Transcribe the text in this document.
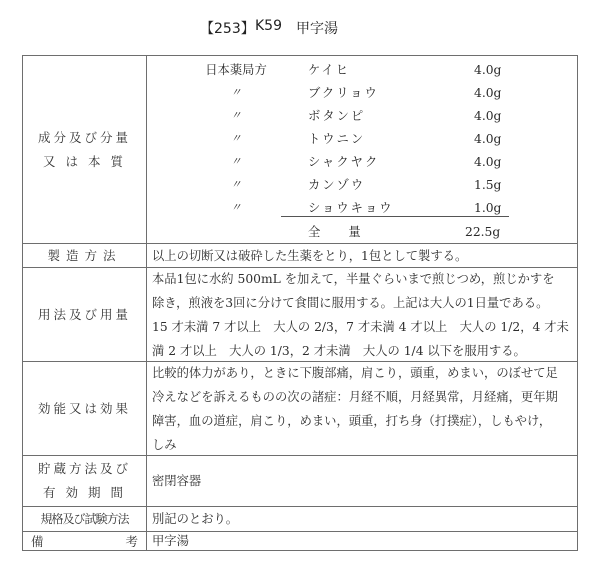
【253】 K59 甲字湯
成分及び分量
又 は 本 質
日本薬局方	ケイヒ	4.0g
〃	ブクリョウ	4.0g
〃	ボタンピ	4.0g
〃	トウニン	4.0g
〃	シャクヤク	4.0g
〃	カンゾウ	1.5g
〃	ショウキョウ	1.0g
全 量	22.5g
製造方法 以上の切断又は破砕した生薬をとり，1包として製する。

用法及び用量

本品1包に水約 500mL を加えて，半量ぐらいまで煎じつめ，煎じかすを

除き，煎液を3回に分けて食間に服用する。上記は大人の1日量である。

15 才未満 7 才以上　大人の 2/3，7 才未満 4 才以上　大人の 1/2，4 才未

満 2 才以上　大人の 1/3，2 才未満　大人の 1/4 以下を服用する。

効能又は効果

比較的体力があり，ときに下腹部痛，肩こり，頭重，めまい，のぼせて足

冷えなどを訴えるものの次の諸症：月経不順，月経異常，月経痛，更年期

障害，血の道症，肩こり，めまい，頭重，打ち身（打撲症），しもやけ，

しみ

貯蔵方法及び
有 効 期 間

密閉容器

規格及び試験方法 別記のとおり。

備	考 甲字湯
